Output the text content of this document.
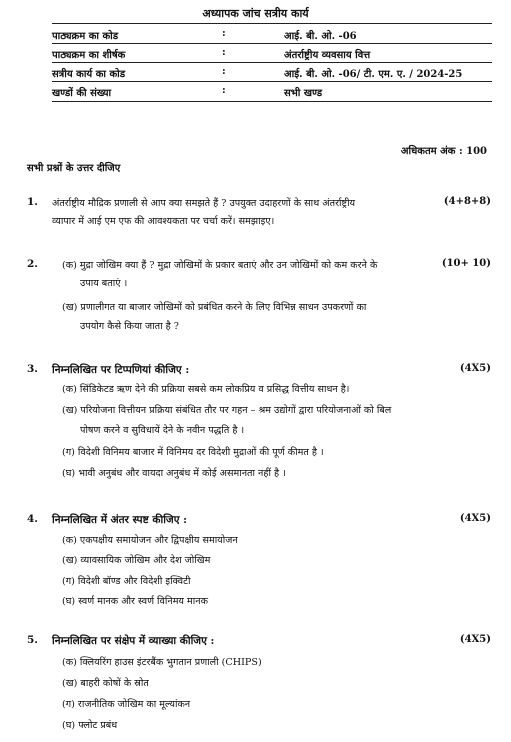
अध्यापक जांच सत्रीय कार्य
पाठ्यक्रम का कोड	:	आई. बी. ओ. -06
पाठ्यक्रम का शीर्षक	:	अंतर्राष्ट्रीय व्यवसाय वित्त
सत्रीय कार्य का कोड	:	आई. बी. ओ. -06/ टी. एम. ए. / 2024-25
खण्डों की संख्या	:	सभी खण्ड
अधिकतम अंक : 100
सभी प्रश्नों के उत्तर दीजिए
1.	(4+8+8)
अंतर्राष्ट्रीय मौद्रिक प्रणाली से आप क्या समझते हैं ? उपयुक्त उदाहरणों के साथ अंतर्राष्ट्रीय
व्यापार में आई एम एफ की आवश्यकता पर चर्चा करें। समझाइए।
2.	(10+ 10)
(क) मुद्रा जोखिम क्या हैं ? मुद्रा जोखिमों के प्रकार बताएं और उन जोखिमों को कम करने के
उपाय बताएं ।
(ख) प्रणालीगत या बाजार जोखिमों को प्रबंधित करने के लिए विभिन्न साधन उपकरणों का
उपयोग कैसे किया जाता है ?
3.	(4X5)
निम्नलिखित पर टिप्पणियां कीजिए :
(क) सिंडिकेटड ऋण देने की प्रक्रिया सबसे कम लोकप्रिय व प्रसिद्ध वित्तीय साधन है।
(ख) परियोजना वित्तीयन प्रक्रिया संबंधित तौर पर गहन – श्रम उद्योगों द्वारा परियोजनाओं को बिल
पोषण करने व सुविधायें देने के नवीन पद्धति है ।
(ग) विदेशी विनिमय बाजार में विनिमय दर विदेशी मुद्राओं की पूर्ण कीमत है ।
(घ) भावी अनुबंध और वायदा अनुबंध में कोई असमानता नहीं है ।
4.	(4X5)
निम्नलिखित में अंतर स्पष्ट कीजिए :
(क) एकपक्षीय समायोजन और द्विपक्षीय समायोजन
(ख) व्यावसायिक जोखिम और देश जोखिम
(ग) विदेशी बॉण्ड और विदेशी इक्विटी
(घ) स्वर्ण मानक और स्वर्ण विनिमय मानक
5.	(4X5)
निम्नलिखित पर संक्षेप में व्याख्या कीजिए :
(क) क्लियरिंग हाउस इंटरबैंक भुगतान प्रणाली (CHIPS)
(ख) बाहरी कोषों के स्रोत
(ग) राजनीतिक जोखिम का मूल्यांकन
(घ) फ्लोट प्रबंध
